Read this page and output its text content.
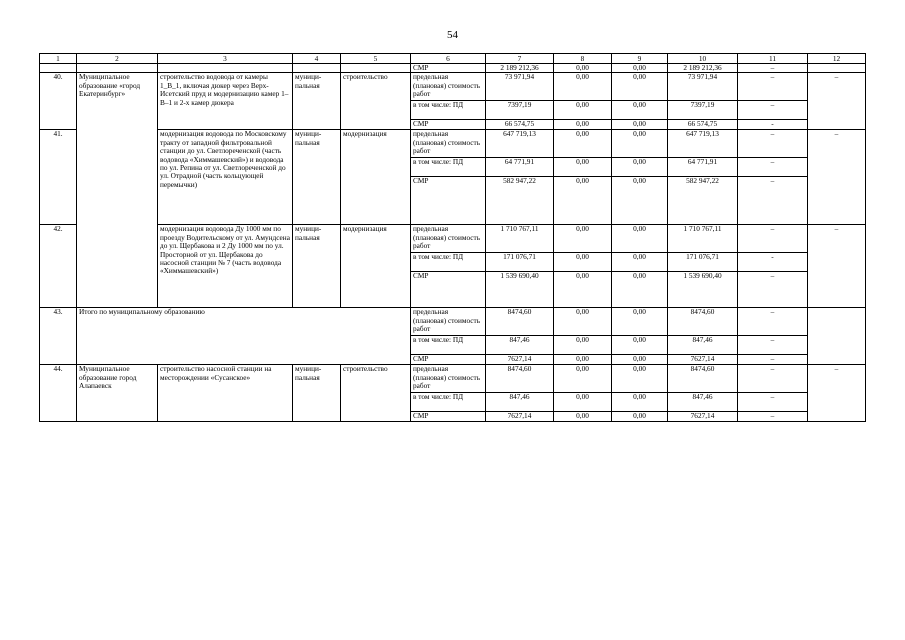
54
1	2	3	4	5	6	7	8	9	10	11	12
					СМР	2 189 212,36	0,00	0,00	2 189 212,36	–	
40.	Муниципальное образование «город Екатеринбург»	строительство водовода от камеры 1_В_1, включая дюкер через Верх-Исетский пруд и модернизацию камер 1–В–1 и 2-х камер дюкера	муници-пальная	строительство	предельная (плановая) стоимость работ	73 971,94	0,00	0,00	73 971,94	–	–
					в том числе: ПД	7397,19	0,00	0,00	7397,19	–	
					СМР	66 574,75	0,00	0,00	66 574,75	-	
41.		модернизация водовода по Московскому тракту от западной фильтровальной станции до ул. Светлореченской (часть водовода «Химмашевский») и водовода по ул. Репина от ул. Светлореченской до ул. Отрадной (часть кольцующей перемычки)	муници-пальная	модернизация	предельная (плановая) стоимость работ	647 719,13	0,00	0,00	647 719,13	–	–
					в том числе: ПД	64 771,91	0,00	0,00	64 771,91	–	
					СМР	582 947,22	0,00	0,00	582 947,22	–	
42.		модернизация водовода Ду 1000 мм по проезду Водительскому от ул. Амундсена до ул. Щербакова и 2 Ду 1000 мм по ул. Просторной от ул. Щербакова до насосной станции № 7 (часть водовода «Химмашевский»)	муници-пальная	модернизация	предельная (плановая) стоимость работ	1 710 767,11	0,00	0,00	1 710 767,11	–	–
					в том числе: ПД	171 076,71	0,00	0,00	171 076,71	-	
					СМР	1 539 690,40	0,00	0,00	1 539 690,40	–	
43.	Итого по муниципальному образованию				предельная (плановая) стоимость работ	8474,60	0,00	0,00	8474,60	–	
					в том числе: ПД	847,46	0,00	0,00	847,46	–	
					СМР	7627,14	0,00	0,00	7627,14	–	
44.	Муниципальное образование город Алапаевск	строительство насосной станции на месторождении «Сусанское»	муници-пальная	строительство	предельная (плановая) стоимость работ	8474,60	0,00	0,00	8474,60	–	–
					в том числе: ПД	847,46	0,00	0,00	847,46	–	
					СМР	7627,14	0,00	0,00	7627,14	–	
